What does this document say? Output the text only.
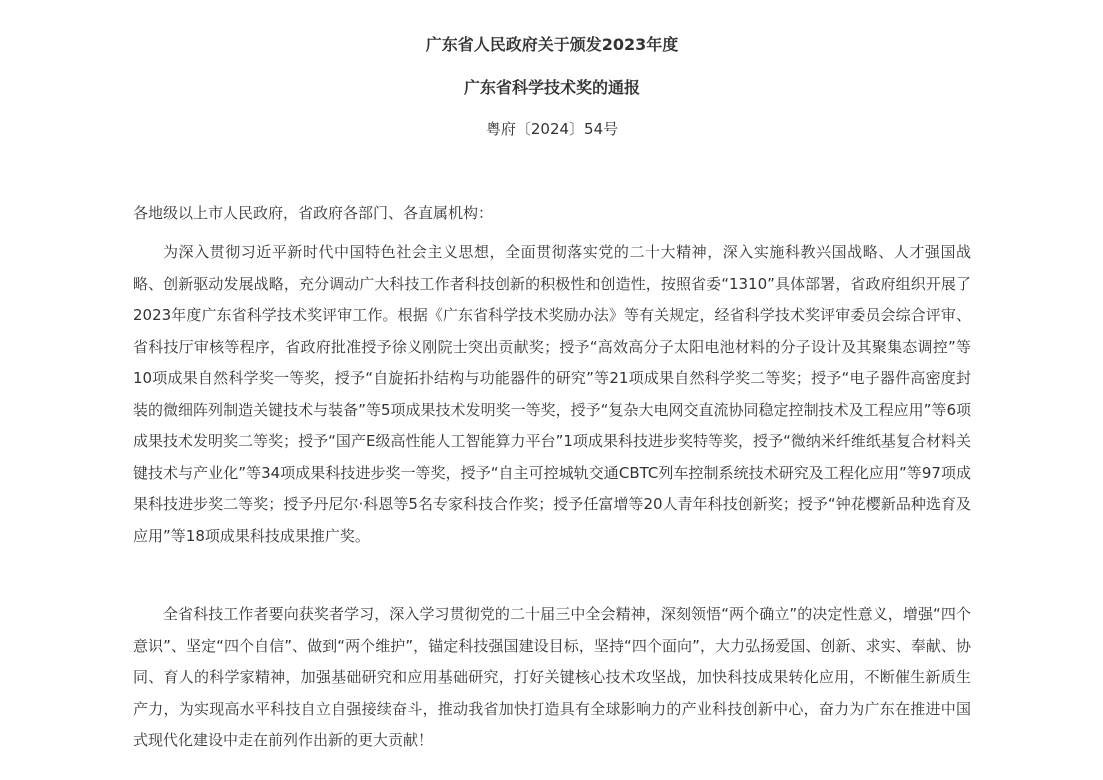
广东省人民政府关于颁发2023年度
广东省科学技术奖的通报
粤府〔2024〕54号
各地级以上市人民政府，省政府各部门、各直属机构：

为深入贯彻习近平新时代中国特色社会主义思想，全面贯彻落实党的二十大精神，深入实施科教兴国战略、人才强国战略、创新驱动发展战略，充分调动广大科技工作者科技创新的积极性和创造性，按照省委“1310”具体部署，省政府组织开展了2023年度广东省科学技术奖评审工作。根据《广东省科学技术奖励办法》等有关规定，经省科学技术奖评审委员会综合评审、省科技厅审核等程序，省政府批准授予徐义刚院士突出贡献奖；授予“高效高分子太阳电池材料的分子设计及其聚集态调控”等10项成果自然科学奖一等奖，授予“自旋拓扑结构与功能器件的研究”等21项成果自然科学奖二等奖；授予“电子器件高密度封装的微细阵列制造关键技术与装备”等5项成果技术发明奖一等奖，授予“复杂大电网交直流协同稳定控制技术及工程应用”等6项成果技术发明奖二等奖；授予“国产E级高性能人工智能算力平台”1项成果科技进步奖特等奖，授予“微纳米纤维纸基复合材料关键技术与产业化”等34项成果科技进步奖一等奖，授予“自主可控城轨交通CBTC列车控制系统技术研究及工程化应用”等97项成果科技进步奖二等奖；授予丹尼尔·科恩等5名专家科技合作奖；授予任富增等20人青年科技创新奖；授予“钟花樱新品种选育及应用”等18项成果科技成果推广奖。

全省科技工作者要向获奖者学习，深入学习贯彻党的二十届三中全会精神，深刻领悟“两个确立”的决定性意义，增强“四个意识”、坚定“四个自信”、做到“两个维护”，锚定科技强国建设目标，坚持“四个面向”，大力弘扬爱国、创新、求实、奉献、协同、育人的科学家精神，加强基础研究和应用基础研究，打好关键核心技术攻坚战，加快科技成果转化应用，不断催生新质生产力，为实现高水平科技自立自强接续奋斗，推动我省加快打造具有全球影响力的产业科技创新中心，奋力为广东在推进中国式现代化建设中走在前列作出新的更大贡献！
